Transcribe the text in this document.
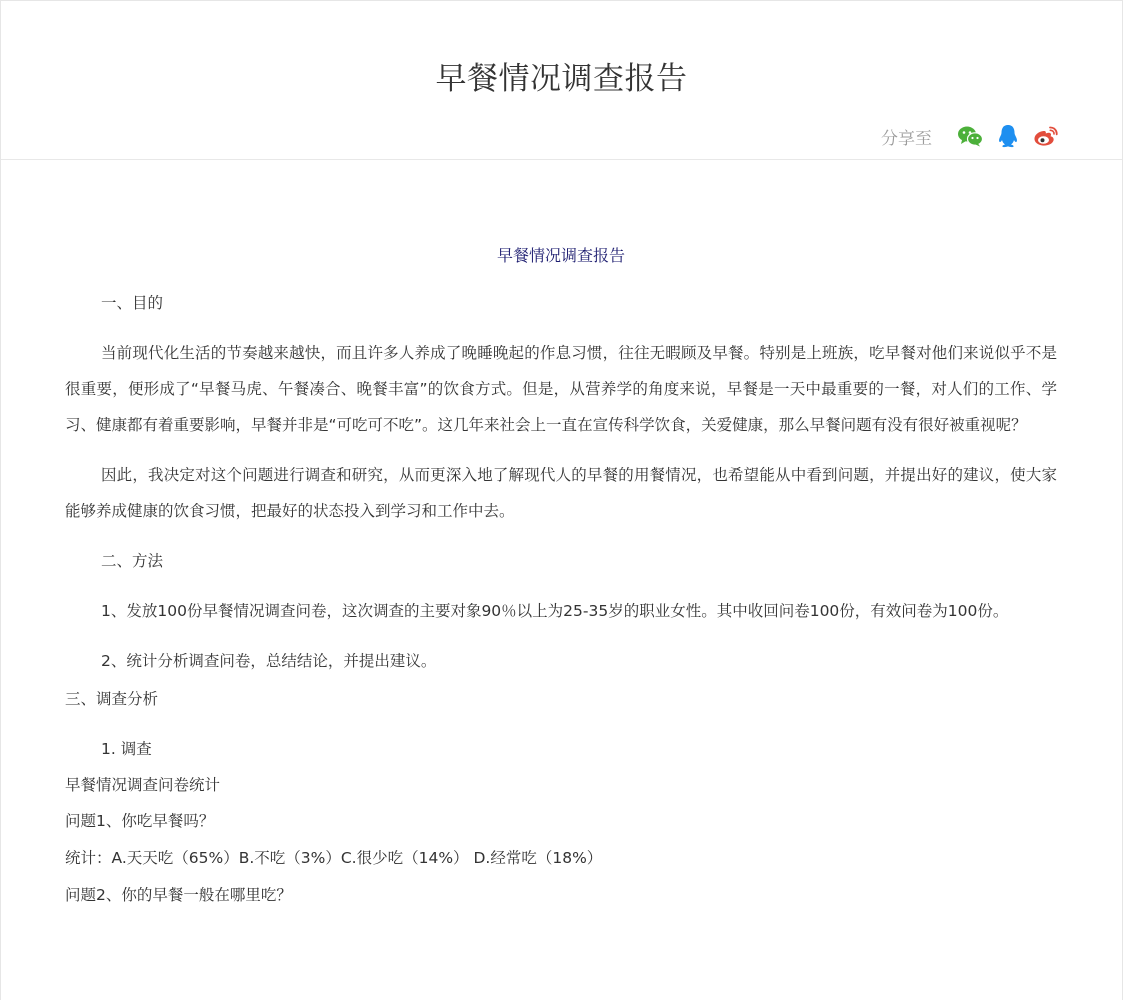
早餐情况调查报告
分享至
早餐情况调查报告

一、目的

当前现代化生活的节奏越来越快，而且许多人养成了晚睡晚起的作息习惯，往往无暇顾及早餐。特别是上班族，吃早餐对他们来说似乎不是很重要，便形成了“早餐马虎、午餐凑合、晚餐丰富”的饮食方式。但是，从营养学的角度来说，早餐是一天中最重要的一餐，对人们的工作、学习、健康都有着重要影响，早餐并非是“可吃可不吃”。这几年来社会上一直在宣传科学饮食，关爱健康，那么早餐问题有没有很好被重视呢？

因此，我决定对这个问题进行调查和研究，从而更深入地了解现代人的早餐的用餐情况，也希望能从中看到问题，并提出好的建议，使大家能够养成健康的饮食习惯，把最好的状态投入到学习和工作中去。

二、方法

1、发放100份早餐情况调查问卷，这次调查的主要对象90％以上为25-35岁的职业女性。其中收回问卷100份，有效问卷为100份。

2、统计分析调查问卷，总结结论，并提出建议。

三、调查分析

1. 调查

早餐情况调查问卷统计

问题1、你吃早餐吗？

统计：A.天天吃（65%）B.不吃（3%）C.很少吃（14%） D.经常吃（18%）

问题2、你的早餐一般在哪里吃？
